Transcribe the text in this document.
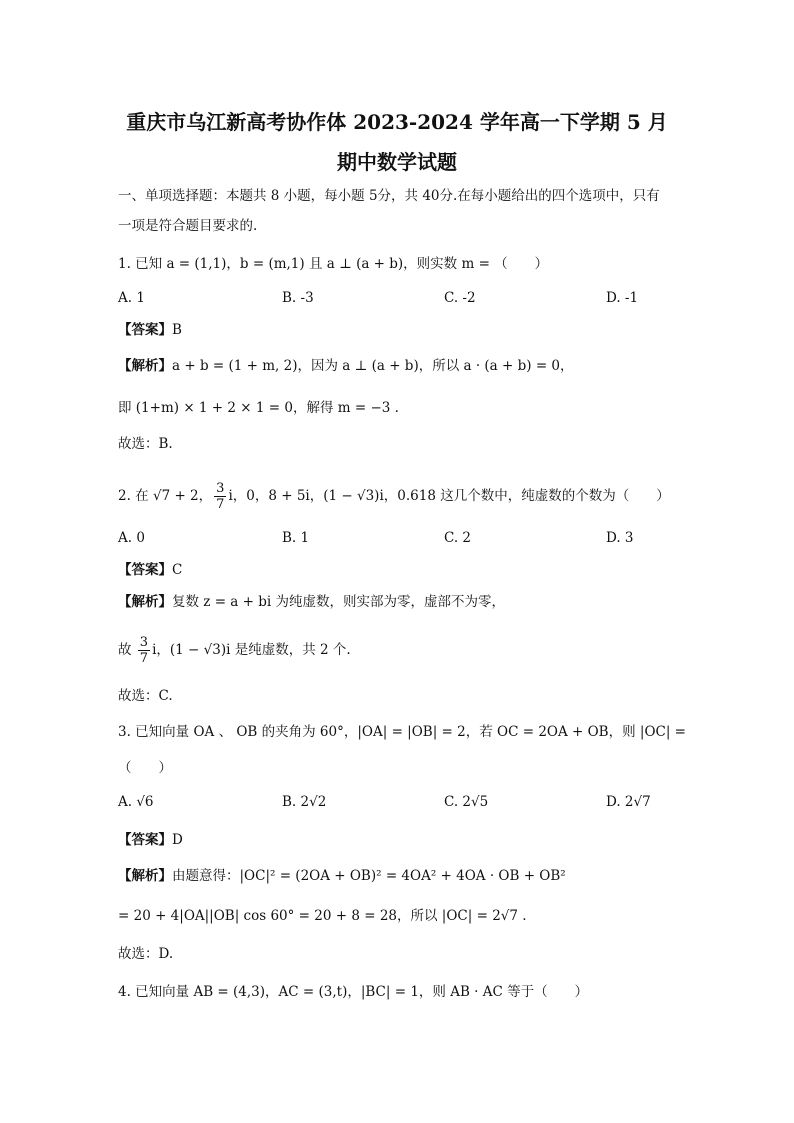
重庆市乌江新高考协作体 2023-2024 学年高一下学期 5 月
期中数学试题
一、单项选择题：本题共 8 小题，每小题 5分，共 40分.在每小题给出的四个选项中，只有
一项是符合题目要求的.
1. 已知 a = (1,1)，b = (m,1) 且 a ⊥ (a + b)，则实数 m = （　　）
A. 1	B. -3	C. -2	D. -1
【答案】B
【解析】a + b = (1 + m, 2)，因为 a ⊥ (a + b)，所以 a · (a + b) = 0，
即 (1+m) × 1 + 2 × 1 = 0，解得 m = −3 .
故选：B.
2. 在 √7 + 2， $\frac{3}{7}$ i，0，8 + 5i，(1 − √3)i，0.618 这几个数中，纯虚数的个数为（　　）
A. 0	B. 1	C. 2	D. 3
【答案】C
【解析】复数 z = a + bi 为纯虚数，则实部为零，虚部不为零，
故 $\frac{3}{7}$ i，(1 − √3)i 是纯虚数，共 2 个.
故选：C.
3. 已知向量 OA 、 OB 的夹角为 60°，|OA| = |OB| = 2，若 OC = 2OA + OB，则 |OC| =
（　　）
A. √6	B. 2√2	C. 2√5	D. 2√7
【答案】D
【解析】由题意得：|OC|² = (2OA + OB)² = 4OA² + 4OA · OB + OB²
= 20 + 4|OA||OB| cos 60° = 20 + 8 = 28，所以 |OC| = 2√7 .
故选：D.
4. 已知向量 AB = (4,3)，AC = (3,t)，|BC| = 1，则 AB · AC 等于（　　）
